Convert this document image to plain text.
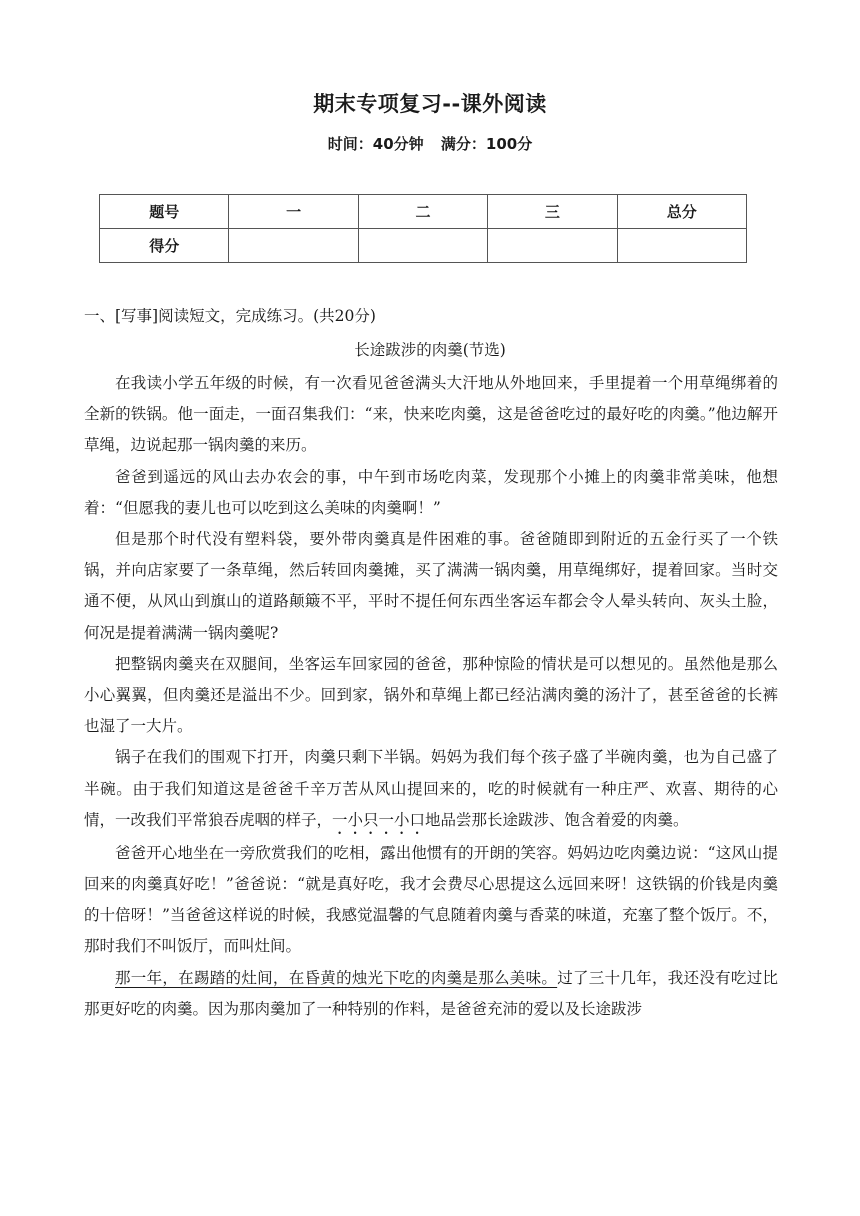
期末专项复习--课外阅读
时间：40分钟 满分：100分
题号	一	二	三	总分
得分				
一、[写事]阅读短文，完成练习。(共20分)
长途跋涉的肉羹(节选)

在我读小学五年级的时候，有一次看见爸爸满头大汗地从外地回来，手里提着一个用草绳绑着的全新的铁锅。他一面走，一面召集我们：“来，快来吃肉羹，这是爸爸吃过的最好吃的肉羹。”他边解开草绳，边说起那一锅肉羹的来历。

爸爸到遥远的风山去办农会的事，中午到市场吃肉菜，发现那个小摊上的肉羹非常美味，他想着：“但愿我的妻儿也可以吃到这么美味的肉羹啊！”

但是那个时代没有塑料袋，要外带肉羹真是件困难的事。爸爸随即到附近的五金行买了一个铁锅，并向店家要了一条草绳，然后转回肉羹摊，买了满满一锅肉羹，用草绳绑好，提着回家。当时交通不便，从风山到旗山的道路颠簸不平，平时不提任何东西坐客运车都会令人晕头转向、灰头土脸，何况是提着满满一锅肉羹呢?

把整锅肉羹夹在双腿间，坐客运车回家园的爸爸，那种惊险的情状是可以想见的。虽然他是那么小心翼翼，但肉羹还是溢出不少。回到家，锅外和草绳上都已经沾满肉羹的汤汁了，甚至爸爸的长裤也湿了一大片。

锅子在我们的围观下打开，肉羹只剩下半锅。妈妈为我们每个孩子盛了半碗肉羹，也为自己盛了半碗。由于我们知道这是爸爸千辛万苦从风山提回来的，吃的时候就有一种庄严、欢喜、期待的心情，一改我们平常狼吞虎咽的样子，一小只一小口地品尝那长途跋涉、饱含着爱的肉羹。

爸爸开心地坐在一旁欣赏我们的吃相，露出他惯有的开朗的笑容。妈妈边吃肉羹边说：“这风山提回来的肉羹真好吃！”爸爸说：“就是真好吃，我才会费尽心思提这么远回来呀！这铁锅的价钱是肉羹的十倍呀！”当爸爸这样说的时候，我感觉温馨的气息随着肉羹与香菜的味道，充塞了整个饭厅。不，那时我们不叫饭厅，而叫灶间。

那一年，在踢踏的灶间，在昏黄的烛光下吃的肉羹是那么美味。过了三十几年，我还没有吃过比那更好吃的肉羹。因为那肉羹加了一种特别的作料，是爸爸充沛的爱以及长途跋涉
